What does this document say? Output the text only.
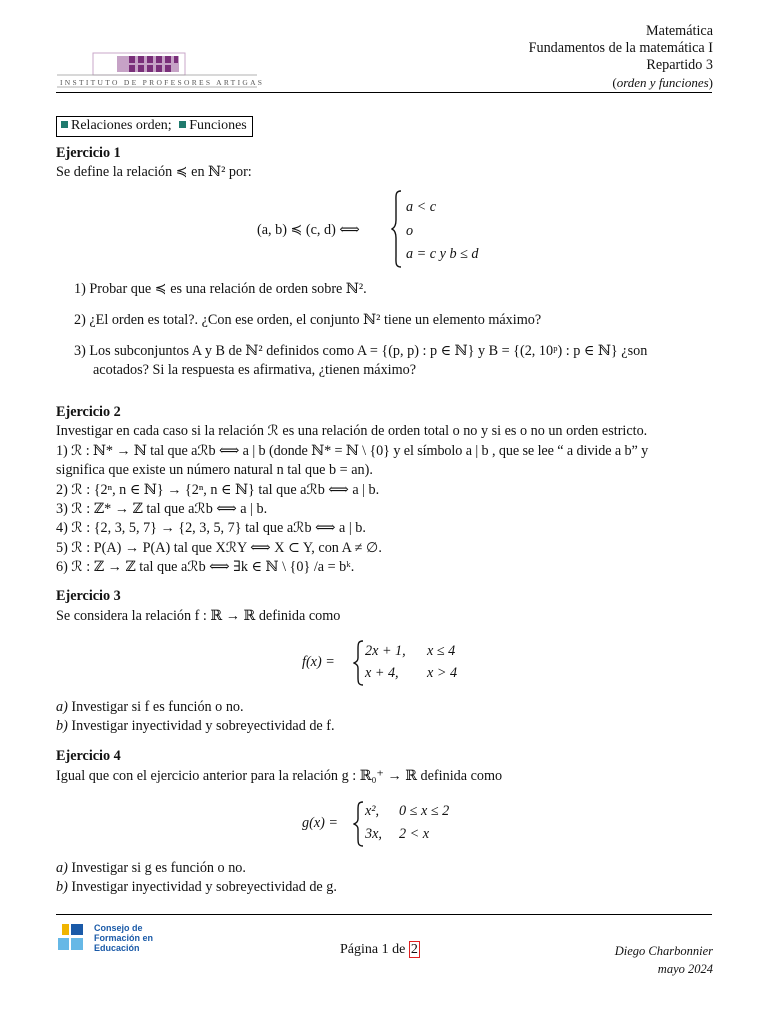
INSTITUTO DE PROFESORES ARTIGAS
Matemática
Fundamentos de la matemática I
Repartido 3
(orden y funciones)
Relaciones orden; Funciones
Ejercicio 1
Se define la relación ≼ en ℕ² por:
(a, b) ≼ (c, d) ⟺
a < c
o
a = c y b ≤ d
1) Probar que ≼ es una relación de orden sobre ℕ².
2) ¿El orden es total?. ¿Con ese orden, el conjunto ℕ² tiene un elemento máximo?
3) Los subconjuntos A y B de ℕ² definidos como A = {(p, p) : p ∈ ℕ} y B = {(2, 10ᵖ) : p ∈ ℕ} ¿son
acotados? Si la respuesta es afirmativa, ¿tienen máximo?
Ejercicio 2
Investigar en cada caso si la relación ℛ es una relación de orden total o no y si es o no un orden estricto.
1) ℛ : ℕ* → ℕ tal que aℛb ⟺ a | b (donde ℕ* = ℕ \ {0} y el símbolo a | b , que se lee “ a divide a b” y
significa que existe un número natural n tal que b = an).
2) ℛ : {2ⁿ, n ∈ ℕ} → {2ⁿ, n ∈ ℕ} tal que aℛb ⟺ a | b.
3) ℛ : ℤ* → ℤ tal que aℛb ⟺ a | b.
4) ℛ : {2, 3, 5, 7} → {2, 3, 5, 7} tal que aℛb ⟺ a | b.
5) ℛ : P(A) → P(A) tal que XℛY ⟺ X ⊂ Y, con A ≠ ∅.
6) ℛ : ℤ → ℤ tal que aℛb ⟺ ∃k ∈ ℕ \ {0} /a = bᵏ.
Ejercicio 3
Se considera la relación f : ℝ → ℝ definida como
f(x) =
2x + 1, x ≤ 4
x + 4, x > 4
a) Investigar si f es función o no.
b) Investigar inyectividad y sobreyectividad de f.
Ejercicio 4
Igual que con el ejercicio anterior para la relación g : ℝ₀⁺ → ℝ definida como
g(x) =
x², 0 ≤ x ≤ 2
3x, 2 < x
a) Investigar si g es función o no.
b) Investigar inyectividad y sobreyectividad de g.
Consejo de
Formación en
Educación	Página 1 de 2	Diego Charbonnier
mayo 2024
